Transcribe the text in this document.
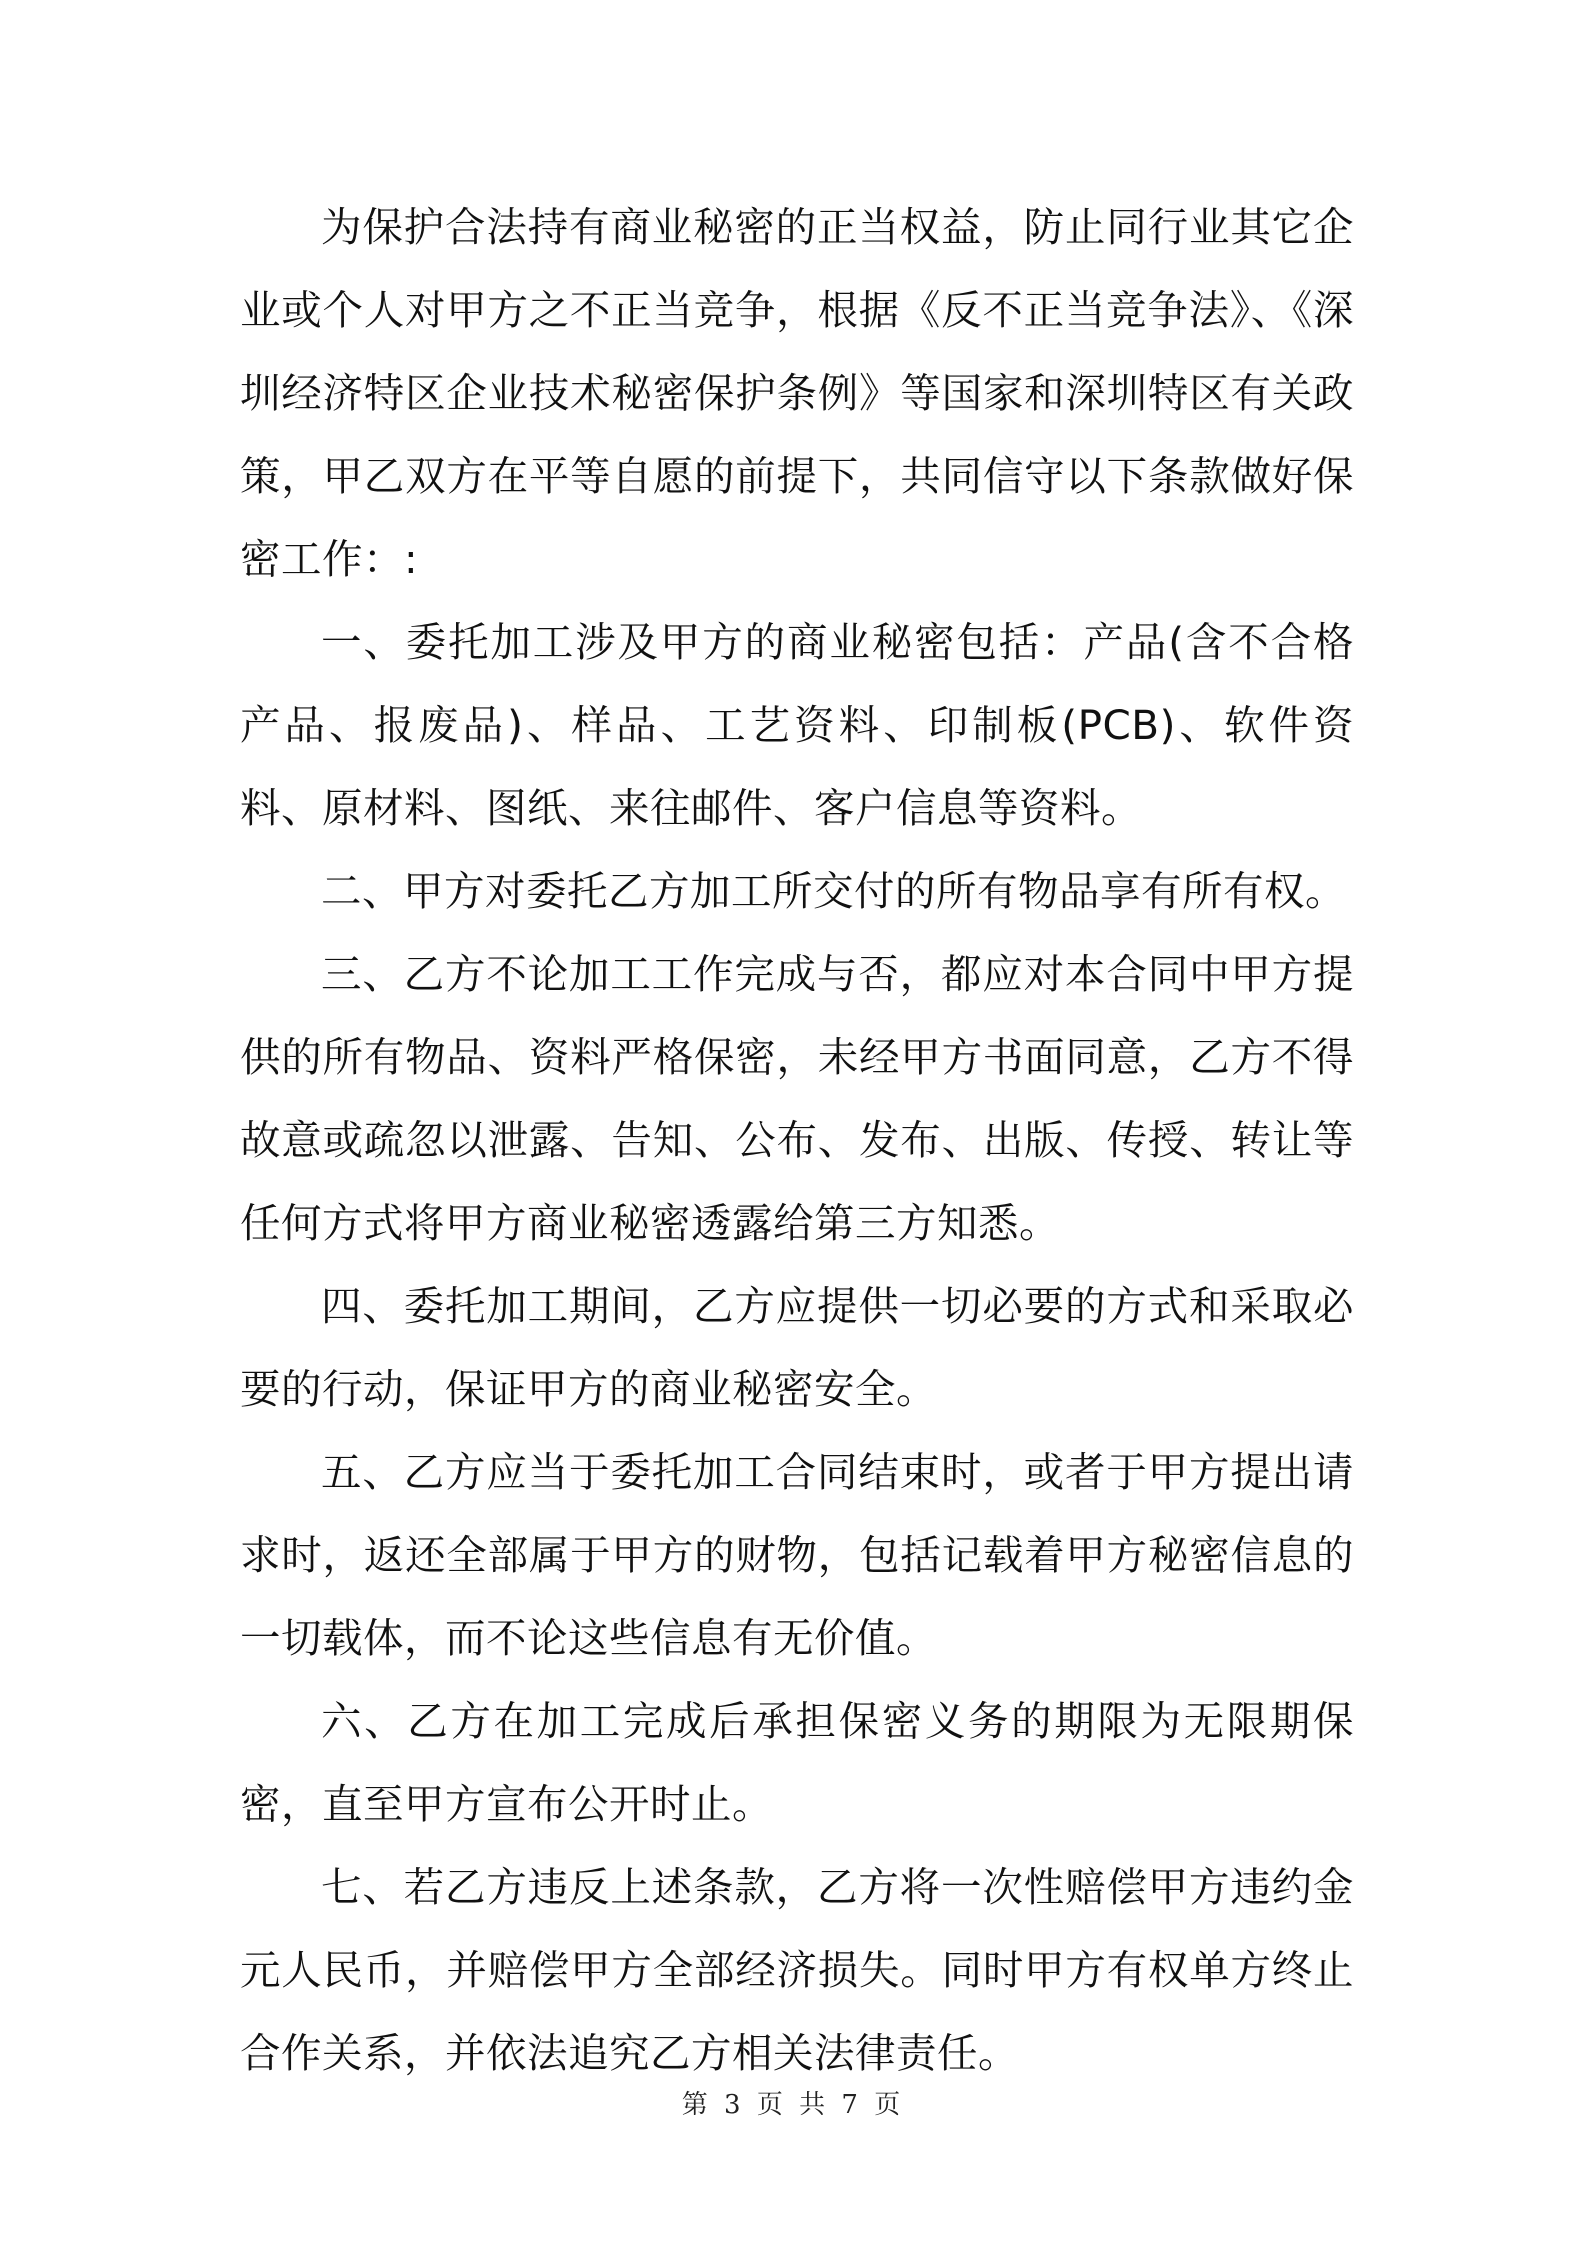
为保护合法持有商业秘密的正当权益，防止同行业其它企业或个人对甲方之不正当竞争，根据《反不正当竞争法》、《深圳经济特区企业技术秘密保护条例》等国家和深圳特区有关政策，甲乙双方在平等自愿的前提下，共同信守以下条款做好保密工作：:

一、委托加工涉及甲方的商业秘密包括：产品(含不合格产品、报废品)、样品、工艺资料、印制板(PCB)、软件资料、原材料、图纸、来往邮件、客户信息等资料。

二、甲方对委托乙方加工所交付的所有物品享有所有权。

三、乙方不论加工工作完成与否，都应对本合同中甲方提供的所有物品、资料严格保密，未经甲方书面同意，乙方不得故意或疏忽以泄露、告知、公布、发布、出版、传授、转让等任何方式将甲方商业秘密透露给第三方知悉。

四、委托加工期间，乙方应提供一切必要的方式和采取必要的行动，保证甲方的商业秘密安全。

五、乙方应当于委托加工合同结束时，或者于甲方提出请求时，返还全部属于甲方的财物，包括记载着甲方秘密信息的一切载体，而不论这些信息有无价值。

六、乙方在加工完成后承担保密义务的期限为无限期保密，直至甲方宣布公开时止。

七、若乙方违反上述条款，乙方将一次性赔偿甲方违约金 元人民币，并赔偿甲方全部经济损失。同时甲方有权单方终止合作关系，并依法追究乙方相关法律责任。

第 3 页 共 7 页
